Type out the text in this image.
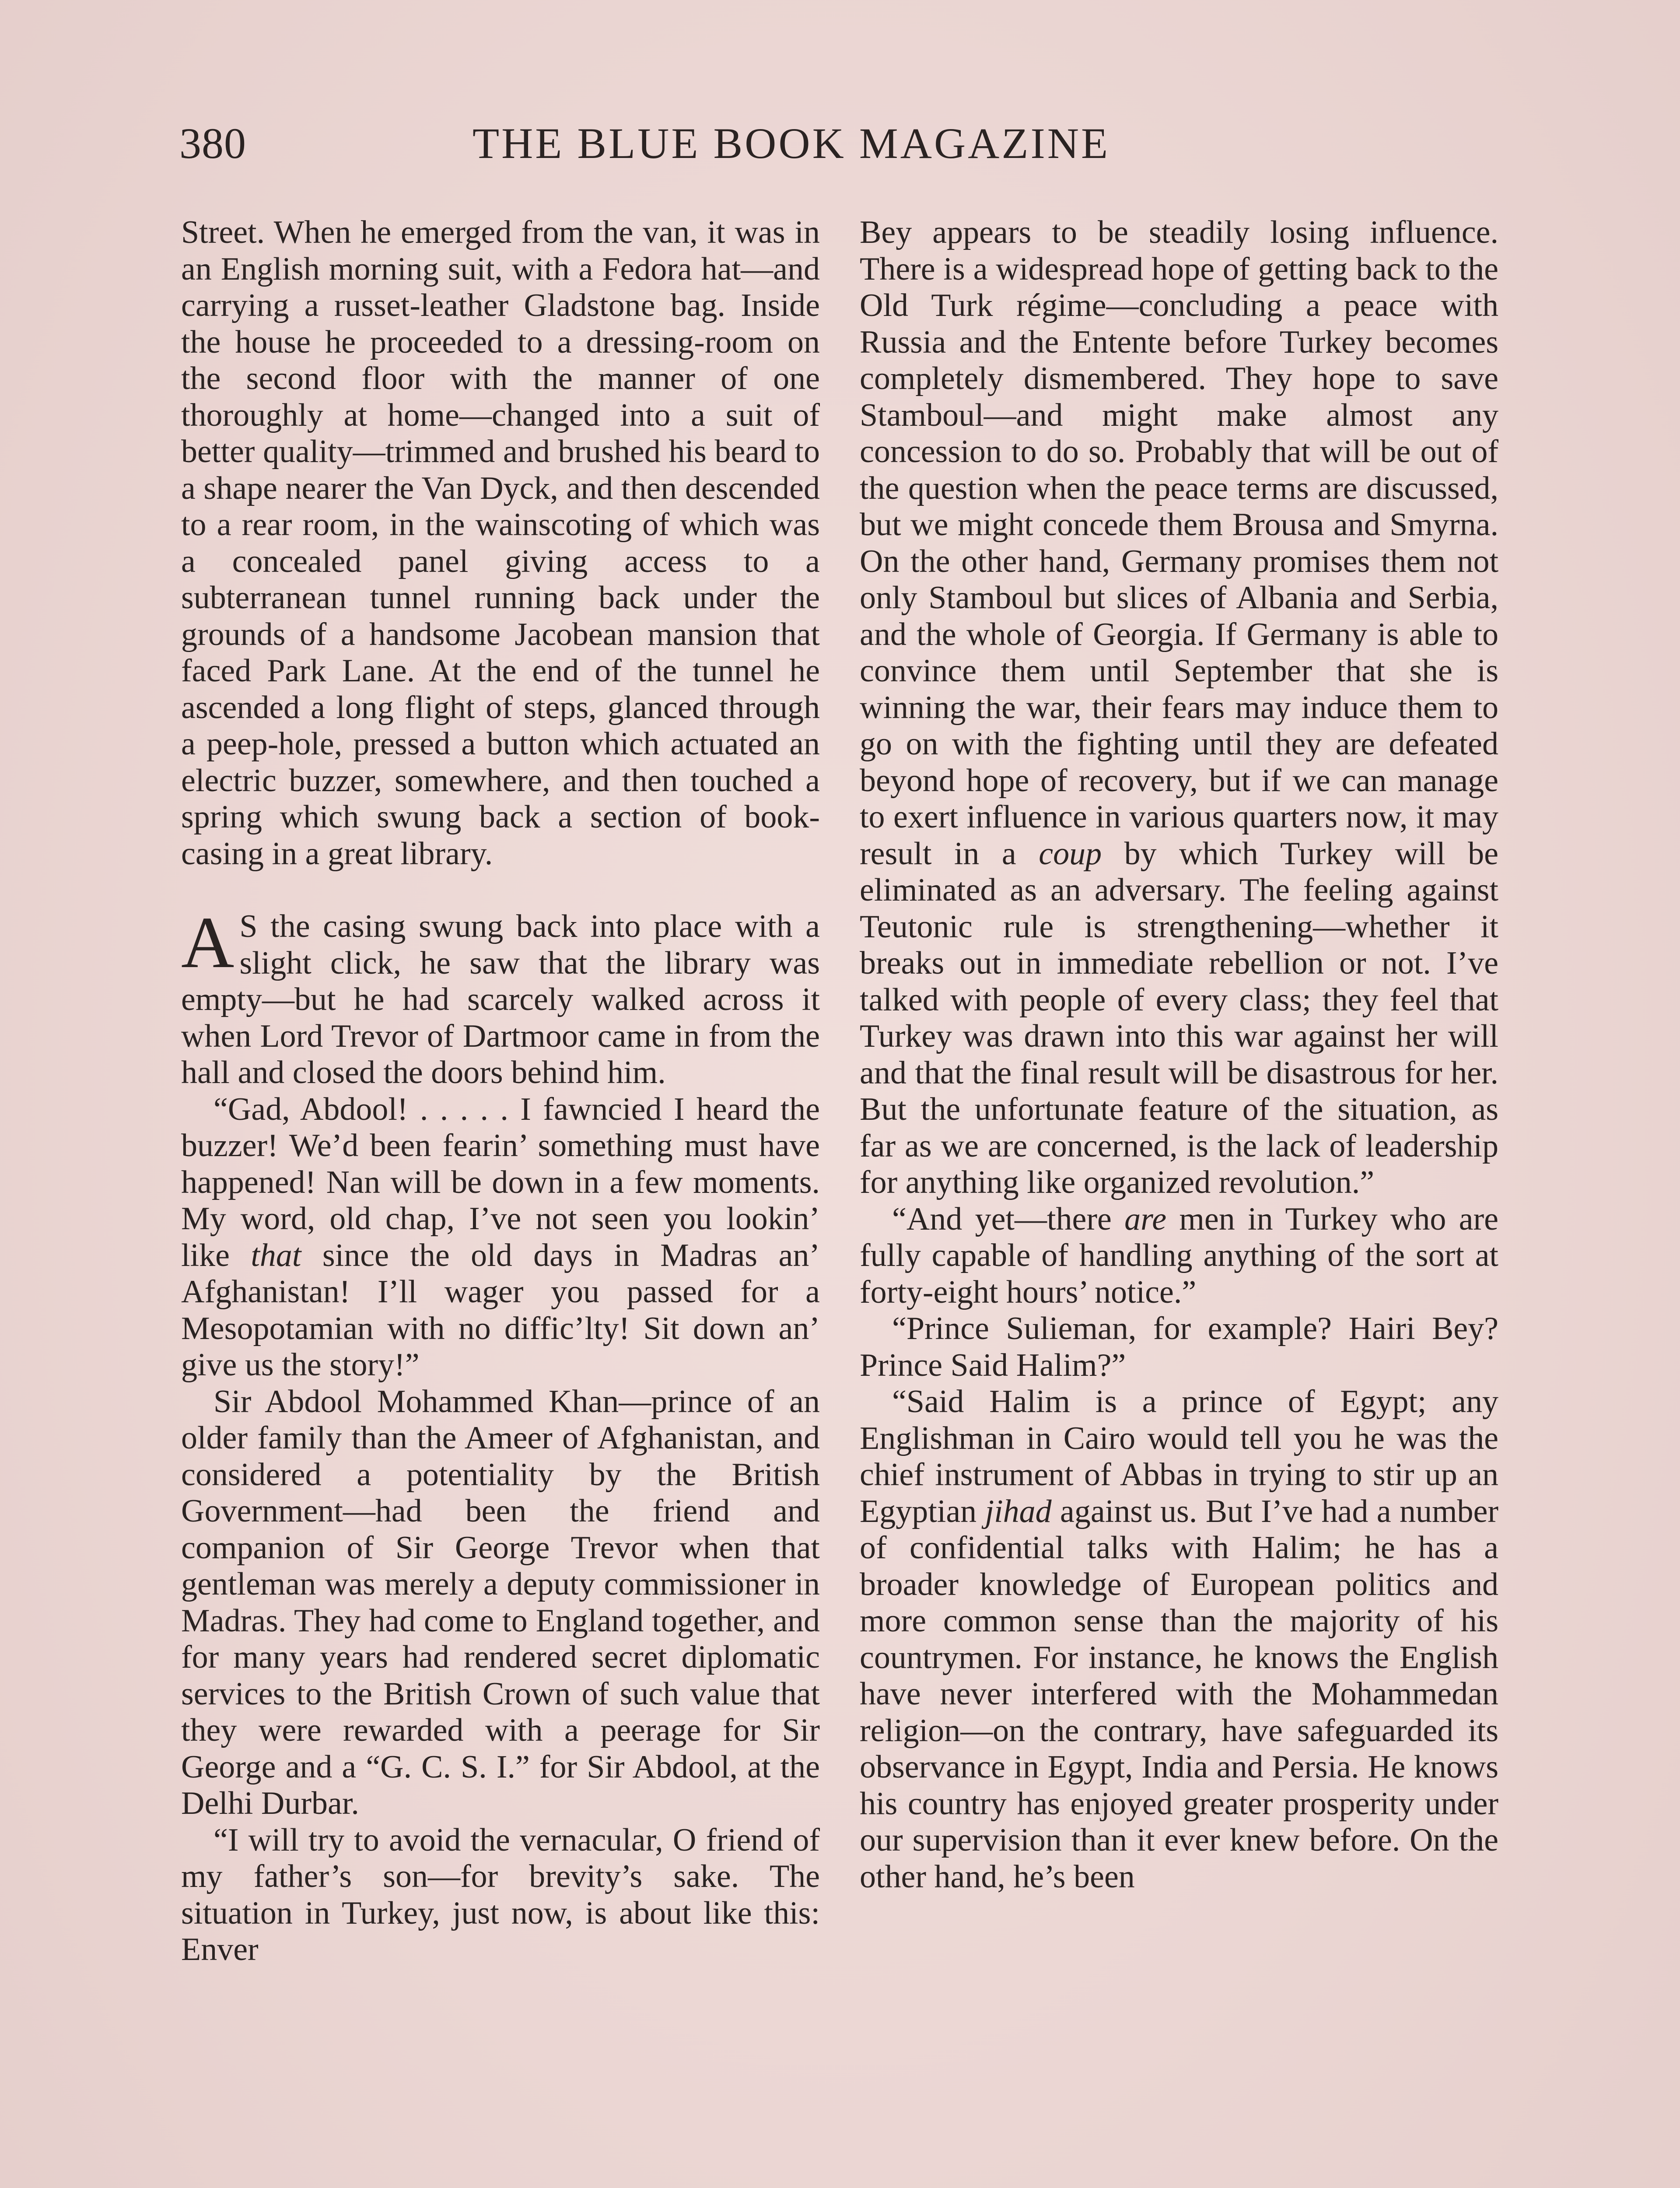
380	THE BLUE BOOK MAGAZINE

Street. When he emerged from the van, it was in an English morning suit, with a Fedora hat—and carrying a russet-leather Gladstone bag. Inside the house he proceeded to a dressing-room on the second floor with the manner of one thoroughly at home—changed into a suit of better quality—trimmed and brushed his beard to a shape nearer the Van Dyck, and then descended to a rear room, in the wainscoting of which was a concealed panel giving access to a subterranean tunnel running back under the grounds of a handsome Jacobean mansion that faced Park Lane. At the end of the tunnel he ascended a long flight of steps, glanced through a peep-hole, pressed a button which actuated an electric buzzer, somewhere, and then touched a spring which swung back a section of book-casing in a great library.

A S the casing swung back into place with a slight click, he saw that the library was empty—but he had scarcely walked across it when Lord Trevor of Dartmoor came in from the hall and closed the doors behind him.

“Gad, Abdool! . . . . . I fawncied I heard the buzzer! We’d been fearin’ something must have happened! Nan will be down in a few moments. My word, old chap, I’ve not seen you lookin’ like that since the old days in Madras an’ Afghanistan! I’ll wager you passed for a Mesopotamian with no diffic’lty! Sit down an’ give us the story!”

Sir Abdool Mohammed Khan—prince of an older family than the Ameer of Afghanistan, and considered a potentiality by the British Government—had been the friend and companion of Sir George Trevor when that gentleman was merely a deputy commissioner in Madras. They had come to England together, and for many years had rendered secret diplomatic services to the British Crown of such value that they were rewarded with a peerage for Sir George and a “G. C. S. I.” for Sir Abdool, at the Delhi Durbar.

“I will try to avoid the vernacular, O friend of my father’s son—for brevity’s sake. The situation in Turkey, just now, is about like this: Enver

Bey appears to be steadily losing influence. There is a widespread hope of getting back to the Old Turk régime—concluding a peace with Russia and the Entente before Turkey becomes completely dismembered. They hope to save Stamboul—and might make almost any concession to do so. Probably that will be out of the question when the peace terms are discussed, but we might concede them Brousa and Smyrna. On the other hand, Germany promises them not only Stamboul but slices of Albania and Serbia, and the whole of Georgia. If Germany is able to convince them until September that she is winning the war, their fears may induce them to go on with the fighting until they are defeated beyond hope of recovery, but if we can manage to exert influence in various quarters now, it may result in a coup by which Turkey will be eliminated as an adversary. The feeling against Teutonic rule is strengthening—whether it breaks out in immediate rebellion or not. I’ve talked with people of every class; they feel that Turkey was drawn into this war against her will and that the final result will be disastrous for her. But the unfortunate feature of the situation, as far as we are concerned, is the lack of leadership for anything like organized revolution.”

“And yet—there are men in Turkey who are fully capable of handling anything of the sort at forty-eight hours’ notice.”

“Prince Sulieman, for example? Hairi Bey? Prince Said Halim?”

“Said Halim is a prince of Egypt; any Englishman in Cairo would tell you he was the chief instrument of Abbas in trying to stir up an Egyptian jihad against us. But I’ve had a number of confidential talks with Halim; he has a broader knowledge of European politics and more common sense than the majority of his countrymen. For instance, he knows the English have never interfered with the Mohammedan religion—on the contrary, have safeguarded its observance in Egypt, India and Persia. He knows his country has enjoyed greater prosperity under our supervision than it ever knew before. On the other hand, he’s been
